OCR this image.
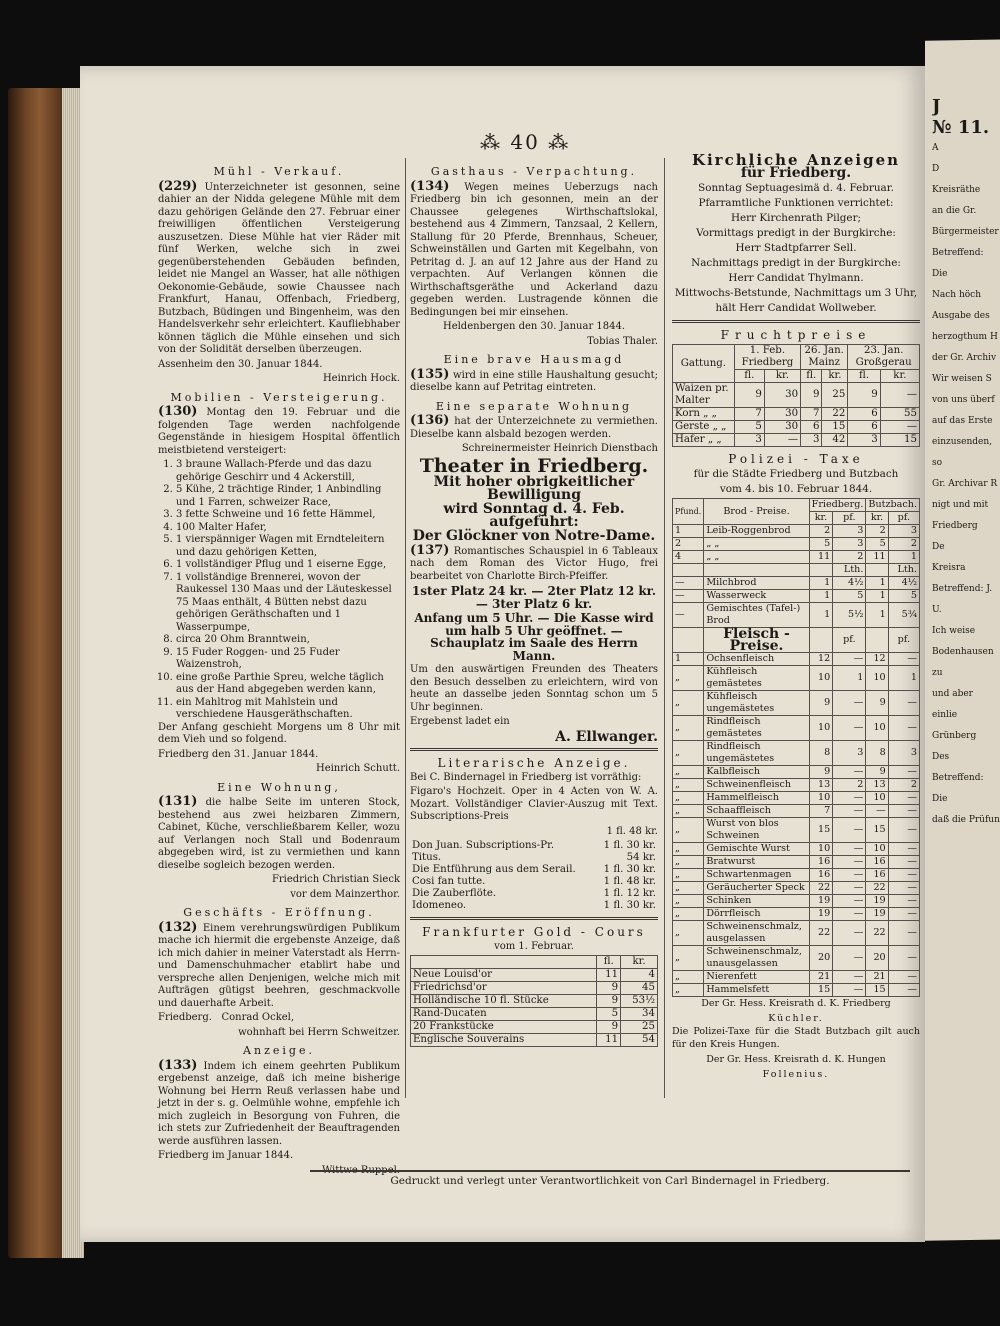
⁂ 40 ⁂
Mühl - Verkauf.

(229) Unterzeichneter ist gesonnen, seine dahier an der Nidda gelegene Mühle mit dem dazu gehörigen Gelände den 27. Februar einer freiwilligen öffentlichen Versteigerung auszusetzen. Diese Mühle hat vier Räder mit fünf Werken, welche sich in zwei gegenüberstehenden Gebäuden befinden, leidet nie Mangel an Wasser, hat alle nöthigen Oekonomie-Gebäude, sowie Chaussee nach Frankfurt, Hanau, Offenbach, Friedberg, Butzbach, Büdingen und Bingenheim, was den Handelsverkehr sehr erleichtert. Kaufliebhaber können täglich die Mühle einsehen und sich von der Solidität derselben überzeugen.

Assenheim den 30. Januar 1844.

Heinrich Hock.

Mobilien - Versteigerung.

(130) Montag den 19. Februar und die folgenden Tage werden nachfolgende Gegenstände in hiesigem Hospital öffentlich meistbietend versteigert:

1. 3 braune Wallach-Pferde und das dazu gehörige Geschirr und 4 Ackerstill,
2. 5 Kühe, 2 trächtige Rinder, 1 Anbindling und 1 Farren, schweizer Race,
3. 3 fette Schweine und 16 fette Hämmel,
4. 100 Malter Hafer,
5. 1 vierspänniger Wagen mit Erndteleitern und dazu gehörigen Ketten,
6. 1 vollständiger Pflug und 1 eiserne Egge,
7. 1 vollständige Brennerei, wovon der Raukessel 130 Maas und der Läuteskessel 75 Maas enthält, 4 Bütten nebst dazu gehörigen Geräthschaften und 1 Wasserpumpe,
8. circa 20 Ohm Branntwein,
9. 15 Fuder Roggen- und 25 Fuder Waizenstroh,
10. eine große Parthie Spreu, welche täglich aus der Hand abgegeben werden kann,
11. ein Mahltrog mit Mahlstein und verschiedene Hausgeräthschaften.

Der Anfang geschieht Morgens um 8 Uhr mit dem Vieh und so folgend.

Friedberg den 31. Januar 1844.

Heinrich Schutt.

Eine Wohnung,

(131) die halbe Seite im unteren Stock, bestehend aus zwei heizbaren Zimmern, Cabinet, Küche, verschließbarem Keller, wozu auf Verlangen noch Stall und Bodenraum abgegeben wird, ist zu vermiethen und kann dieselbe sogleich bezogen werden.

Friedrich Christian Sieck

vor dem Mainzerthor.

Geschäfts - Eröffnung.

(132) Einem verehrungswürdigen Publikum mache ich hiermit die ergebenste Anzeige, daß ich mich dahier in meiner Vaterstadt als Herrn- und Damenschuhmacher etablirt habe und verspreche allen Denjenigen, welche mich mit Aufträgen gütigst beehren, geschmackvolle und dauerhafte Arbeit.

Friedberg. Conrad Ockel,

wohnhaft bei Herrn Schweitzer.

Anzeige.

(133) Indem ich einem geehrten Publikum ergebenst anzeige, daß ich meine bisherige Wohnung bei Herrn Reuß verlassen habe und jetzt in der s. g. Oelmühle wohne, empfehle ich mich zugleich in Besorgung von Fuhren, die ich stets zur Zufriedenheit der Beauftragenden werde ausführen lassen.

Friedberg im Januar 1844.

Wittwe Ruppel.

Gasthaus - Verpachtung.

(134) Wegen meines Ueberzugs nach Friedberg bin ich gesonnen, mein an der Chaussee gelegenes Wirthschaftslokal, bestehend aus 4 Zimmern, Tanzsaal, 2 Kellern, Stallung für 20 Pferde, Brennhaus, Scheuer, Schweinställen und Garten mit Kegelbahn, von Petritag d. J. an auf 12 Jahre aus der Hand zu verpachten. Auf Verlangen können die Wirthschaftsgeräthe und Ackerland dazu gegeben werden. Lustragende können die Bedingungen bei mir einsehen.

Heldenbergen den 30. Januar 1844.

Tobias Thaler.

Eine brave Hausmagd

(135) wird in eine stille Haushaltung gesucht; dieselbe kann auf Petritag eintreten.

Eine separate Wohnung

(136) hat der Unterzeichnete zu vermiethen. Dieselbe kann alsbald bezogen werden.

Schreinermeister Heinrich Dienstbach

Theater in Friedberg.

Mit hoher obrigkeitlicher Bewilligung

wird Sonntag d. 4. Feb. aufgeführt:

Der Glöckner von Notre-Dame.

(137) Romantisches Schauspiel in 6 Tableaux nach dem Roman des Victor Hugo, frei bearbeitet von Charlotte Birch-Pfeiffer.

1ster Platz 24 kr. — 2ter Platz 12 kr. — 3ter Platz 6 kr.

Anfang um 5 Uhr. — Die Kasse wird um halb 5 Uhr geöffnet. — Schauplatz im Saale des Herrn Mann.

Um den auswärtigen Freunden des Theaters den Besuch desselben zu erleichtern, wird von heute an dasselbe jeden Sonntag schon um 5 Uhr beginnen.

Ergebenst ladet ein

A. Ellwanger.

Literarische Anzeige.

Bei C. Bindernagel in Friedberg ist vorräthig:

Figaro's Hochzeit. Oper in 4 Acten von W. A. Mozart. Vollständiger Clavier-Auszug mit Text. Subscriptions-Preis

1 fl. 48 kr.

Don Juan. Subscriptions-Pr.	1 fl. 30 kr.
Titus.	54 kr.
Die Entführung aus dem Serail.	1 fl. 30 kr.
Cosi fan tutte.	1 fl. 48 kr.
Die Zauberflöte.	1 fl. 12 kr.
Idomeneo.	1 fl. 30 kr.
Frankfurter Gold - Cours

vom 1. Februar.

	fl.	kr.
Neue Louisd'or	11	4
Friedrichsd'or	9	45
Holländische 10 fl. Stücke	9	53½
Rand-Ducaten	5	34
20 Frankstücke	9	25
Englische Souverains	11	54
Kirchliche Anzeigen

für Friedberg.

Sonntag Septuagesimä d. 4. Februar.

Pfarramtliche Funktionen verrichtet:

Herr Kirchenrath Pilger;

Vormittags predigt in der Burgkirche:

Herr Stadtpfarrer Sell.

Nachmittags predigt in der Burgkirche:

Herr Candidat Thylmann.

Mittwochs-Betstunde, Nachmittags um 3 Uhr,

hält Herr Candidat Wollweber.

Fruchtpreise
Gattung.	1. Feb. Friedberg		26. Jan. Mainz		23. Jan. Großgerau	
	fl.	kr.	fl.	kr.	fl.	kr.
Waizen pr. Malter	9	30	9	25	9	—
Korn „ „	7	30	7	22	6	55
Gerste „ „	5	30	6	15	6	—
Hafer „ „	3	—	3	42	3	15
Polizei - Taxe

für die Städte Friedberg und Butzbach

vom 4. bis 10. Februar 1844.

Pfund.	Brod - Preise.	Friedberg.		Butzbach.	
		kr.	pf.	kr.	pf.
1	Leib-Roggenbrod	2	3	2	3
2	„ „	5	3	5	2
4	„ „	11	2	11	1
			Lth.		Lth.
—	Milchbrod	1	4½	1	4½
—	Wasserweck	1	5	1	5
—	Gemischtes (Tafel-) Brod	1	5½	1	5¾
	Fleisch - Preise.		pf.		pf.
1	Ochsenfleisch	12	—	12	—
„	Kühfleisch gemästetes	10	1	10	1
„	Kühfleisch ungemästetes	9	—	9	—
„	Rindfleisch gemästetes	10	—	10	—
„	Rindfleisch ungemästetes	8	3	8	3
„	Kalbfleisch	9	—	9	—
„	Schweinenfleisch	13	2	13	2
„	Hammelfleisch	10	—	10	—
„	Schaaffleisch	7	—	—	—
„	Wurst von blos Schweinen	15	—	15	—
„	Gemischte Wurst	10	—	10	—
„	Bratwurst	16	—	16	—
„	Schwartenmagen	16	—	16	—
„	Geräucherter Speck	22	—	22	—
„	Schinken	19	—	19	—
„	Dörrfleisch	19	—	19	—
„	Schweinenschmalz, ausgelassen	22	—	22	—
„	Schweinenschmalz, unausgelassen	20	—	20	—
„	Nierenfett	21	—	21	—
„	Hammelsfett	15	—	15	—

Der Gr. Hess. Kreisrath d. K. Friedberg

Küchler.

Die Polizei-Taxe für die Stadt Butzbach gilt auch für den Kreis Hungen.

Der Gr. Hess. Kreisrath d. K. Hungen

Follenius.

Gedruckt und verlegt unter Verantwortlichkeit von Carl Bindernagel in Friedberg.
J
№ 11.
A
D
Kreisräthe
an die Gr.
Bürgermeister
Betreffend: Die
Nach höch
Ausgabe des
herzogthum H
der Gr. Archiv
Wir weisen S
von uns überf
auf das Erste
einzusenden, so
Gr. Archivar R
nigt und mit
Friedberg
De
Kreisra
Betreffend: J. U.
Ich weise
Bodenhausen zu
und aber einlie
Grünberg
Des
Betreffend: Die
daß die Prüfun
